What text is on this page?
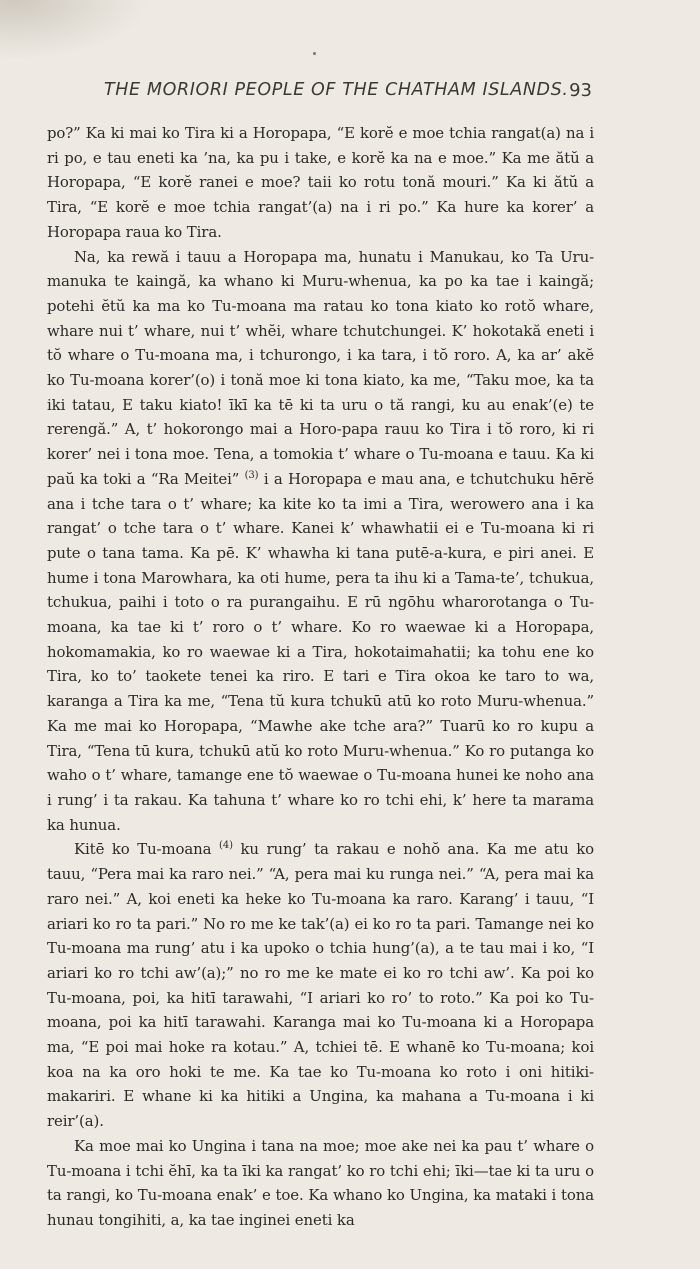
THE MORIORI PEOPLE OF THE CHATHAM ISLANDS. 93

po?” Ka ki mai ko Tira ki a Horopapa, “E korĕ e moe tchia rangat(a) na i ri po, e tau eneti ka ’na, ka pu i take, e korĕ ka na e moe.” Ka me ătŭ a Horopapa, “E korĕ ranei e moe? taii ko rotu tonă mouri.” Ka ki ătŭ a Tira, “E korĕ e moe tchia rangat’(a) na i ri po.” Ka hure ka korer’ a Horopapa raua ko Tira.

Na, ka rewă i tauu a Horopapa ma, hunatu i Manukau, ko Ta Uru-manuka te kaingă, ka whano ki Muru-whenua, ka po ka tae i kaingă; potehi ĕtŭ ka ma ko Tu-moana ma ratau ko tona kiato ko rotŏ whare, whare nui t’ whare, nui t’ whĕi, whare tchutchungei. K’ hokotakă eneti i tŏ whare o Tu-moana ma, i tchurongo, i ka tara, i tŏ roro. A, ka ar’ akĕ ko Tu-moana korer’(o) i tonă moe ki tona kiato, ka me, “Taku moe, ka ta iki tatau, E taku kiato! īkī ka tē ki ta uru o tă rangi, ku au enak’(e) te rerengă.” A, t’ hokorongo mai a Horo-papa rauu ko Tira i tŏ roro, ki ri korer’ nei i tona moe. Tena, a tomokia t’ whare o Tu-moana e tauu. Ka ki paŭ ka toki a “Ra Meitei” $^{(3)}$ i a Horopapa e mau ana, e tchutchuku hērĕ ana i tche tara o t’ whare; ka kite ko ta imi a Tira, werowero ana i ka rangat’ o tche tara o t’ whare. Kanei k’ whawhatii ei e Tu-moana ki ri pute o tana tama. Ka pē. K’ whawha ki tana putē-a-kura, e piri anei. E hume i tona Marowhara, ka oti hume, pera ta ihu ki a Tama-te’, tchukua, tchukua, paihi i toto o ra purangaihu. E rū ngōhu wharorotanga o Tu-moana, ka tae ki t’ roro o t’ whare. Ko ro waewae ki a Horopapa, hokomamakia, ko ro waewae ki a Tira, hokotaimahatii; ka tohu ene ko Tira, ko to’ taokete tenei ka riro. E tari e Tira okoa ke taro to wa, karanga a Tira ka me, “Tena tŭ kura tchukū atū ko roto Muru-whenua.” Ka me mai ko Horopapa, “Mawhe ake tche ara?” Tuarū ko ro kupu a Tira, “Tena tū kura, tchukū atŭ ko roto Muru-whenua.” Ko ro putanga ko waho o t’ whare, tamange ene tŏ waewae o Tu-moana hunei ke noho ana i rung’ i ta rakau. Ka tahuna t’ whare ko ro tchi ehi, k’ here ta marama ka hunua.

Kitē ko Tu-moana $^{(4)}$ ku rung’ ta rakau e nohŏ ana. Ka me atu ko tauu, “Pera mai ka raro nei.” “A, pera mai ku runga nei.” “A, pera mai ka raro nei.” A, koi eneti ka heke ko Tu-moana ka raro. Karang’ i tauu, “I ariari ko ro ta pari.” No ro me ke tak’(a) ei ko ro ta pari. Tamange nei ko Tu-moana ma rung’ atu i ka upoko o tchia hung’(a), a te tau mai i ko, “I ariari ko ro tchi aw’(a);” no ro me ke mate ei ko ro tchi aw’. Ka poi ko Tu-moana, poi, ka hitī tarawahi, “I ariari ko ro’ to roto.” Ka poi ko Tu-moana, poi ka hitī tarawahi. Karanga mai ko Tu-moana ki a Horopapa ma, “E poi mai hoke ra kotau.” A, tchiei tē. E whanē ko Tu-moana; koi koa na ka oro hoki te me. Ka tae ko Tu-moana ko roto i oni hitiki-makariri. E whane ki ka hitiki a Ungina, ka mahana a Tu-moana i ki reir’(a).

Ka moe mai ko Ungina i tana na moe; moe ake nei ka pau t’ whare o Tu-moana i tchi ĕhī, ka ta īki ka rangat’ ko ro tchi ehi; īki—tae ki ta uru o ta rangi, ko Tu-moana enak’ e toe. Ka whano ko Ungina, ka mataki i tona hunau tongihiti, a, ka tae inginei eneti ka
